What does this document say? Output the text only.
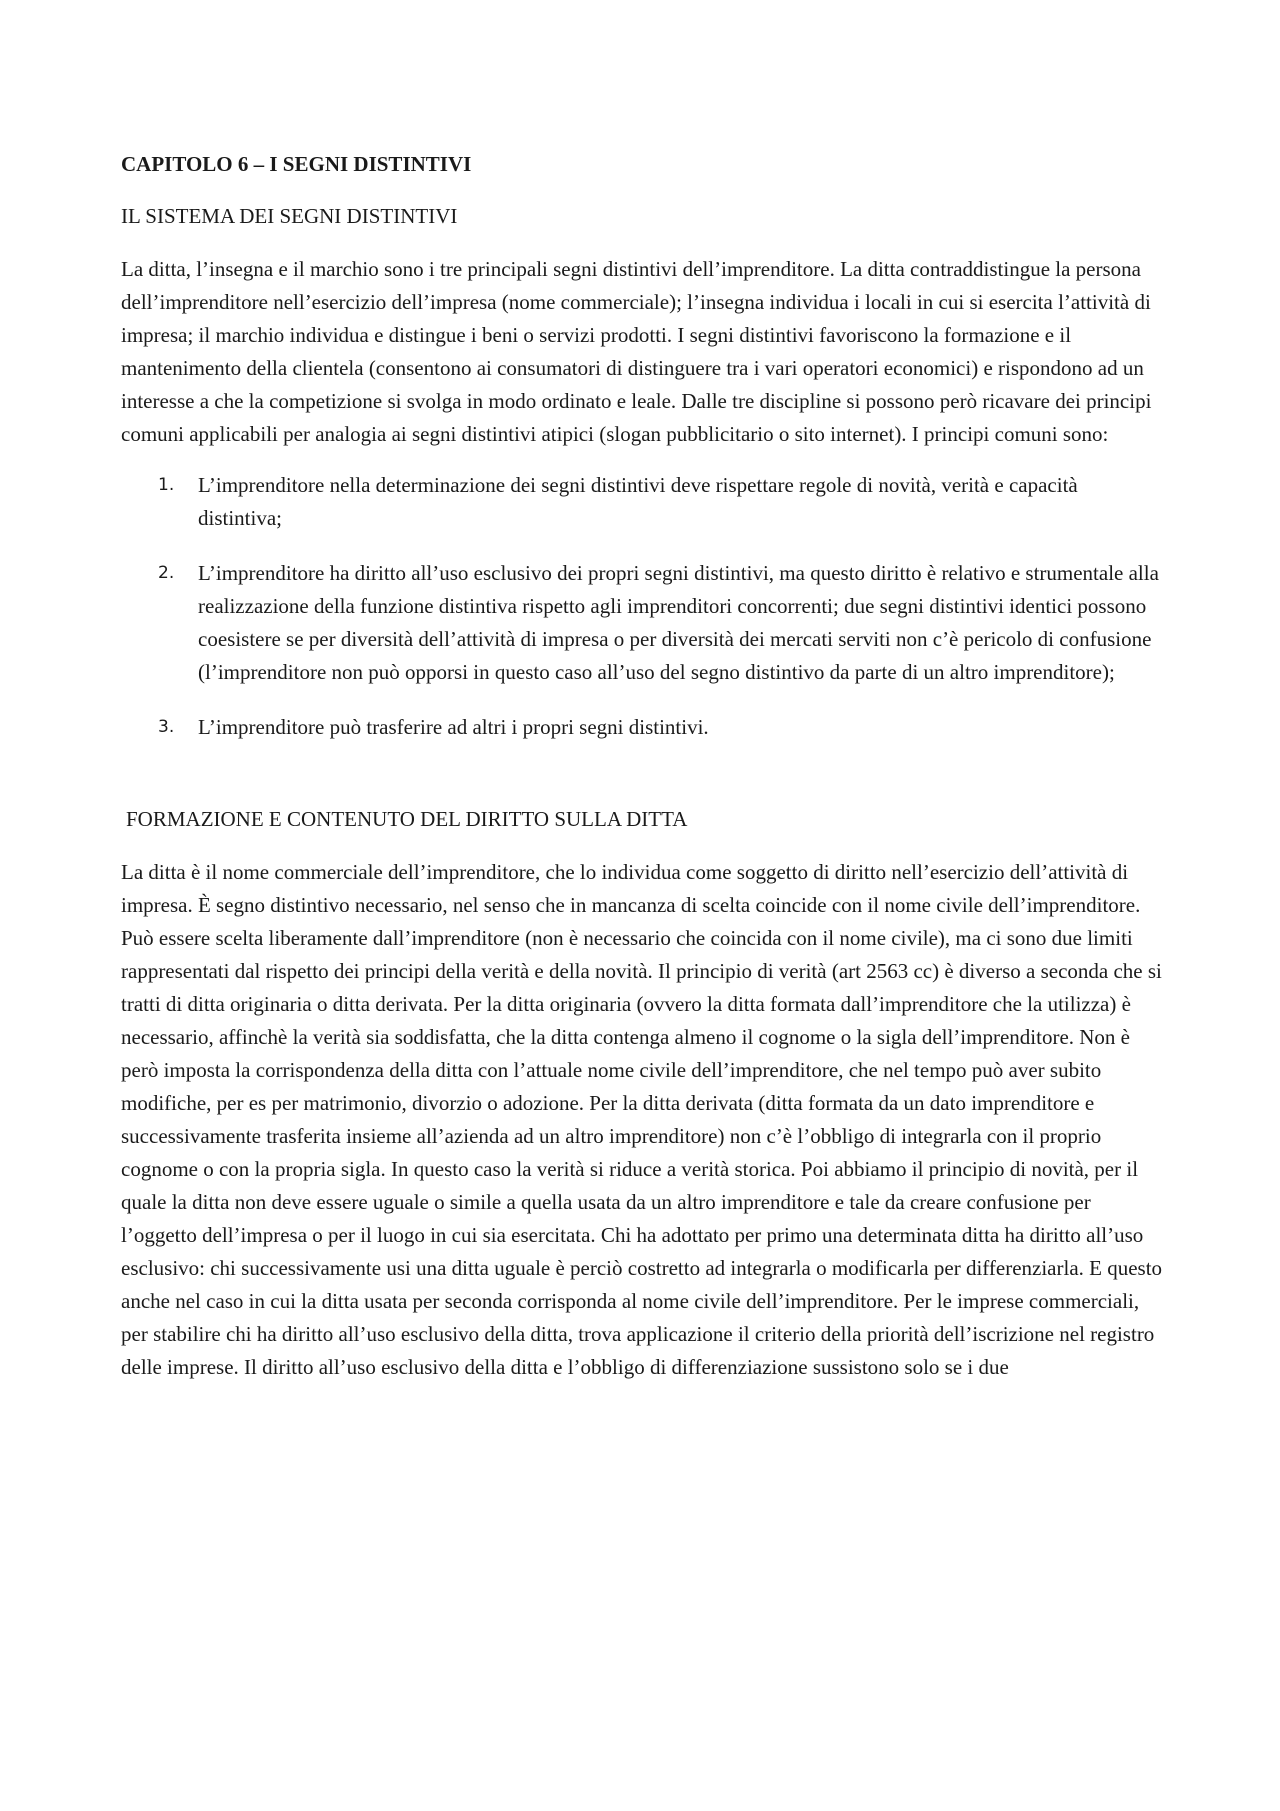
CAPITOLO 6 – I SEGNI DISTINTIVI
IL SISTEMA DEI SEGNI DISTINTIVI

La ditta, l’insegna e il marchio sono i tre principali segni distintivi dell’imprenditore. La ditta contraddistingue la persona dell’imprenditore nell’esercizio dell’impresa (nome commerciale); l’insegna individua i locali in cui si esercita l’attività di impresa; il marchio individua e distingue i beni o servizi prodotti. I segni distintivi favoriscono la formazione e il mantenimento della clientela (consentono ai consumatori di distinguere tra i vari operatori economici) e rispondono ad un interesse a che la competizione si svolga in modo ordinato e leale. Dalle tre discipline si possono però ricavare dei principi comuni applicabili per analogia ai segni distintivi atipici (slogan pubblicitario o sito internet). I principi comuni sono:

1. L’imprenditore nella determinazione dei segni distintivi deve rispettare regole di novità, verità e capacità distintiva;
2. L’imprenditore ha diritto all’uso esclusivo dei propri segni distintivi, ma questo diritto è relativo e strumentale alla realizzazione della funzione distintiva rispetto agli imprenditori concorrenti; due segni distintivi identici possono coesistere se per diversità dell’attività di impresa o per diversità dei mercati serviti non c’è pericolo di confusione (l’imprenditore non può opporsi in questo caso all’uso del segno distintivo da parte di un altro imprenditore);
3. L’imprenditore può trasferire ad altri i propri segni distintivi.
FORMAZIONE E CONTENUTO DEL DIRITTO SULLA DITTA

La ditta è il nome commerciale dell’imprenditore, che lo individua come soggetto di diritto nell’esercizio dell’attività di impresa. È segno distintivo necessario, nel senso che in mancanza di scelta coincide con il nome civile dell’imprenditore. Può essere scelta liberamente dall’imprenditore (non è necessario che coincida con il nome civile), ma ci sono due limiti rappresentati dal rispetto dei principi della verità e della novità. Il principio di verità (art 2563 cc) è diverso a seconda che si tratti di ditta originaria o ditta derivata. Per la ditta originaria (ovvero la ditta formata dall’imprenditore che la utilizza) è necessario, affinchè la verità sia soddisfatta, che la ditta contenga almeno il cognome o la sigla dell’imprenditore. Non è però imposta la corrispondenza della ditta con l’attuale nome civile dell’imprenditore, che nel tempo può aver subito modifiche, per es per matrimonio, divorzio o adozione. Per la ditta derivata (ditta formata da un dato imprenditore e successivamente trasferita insieme all’azienda ad un altro imprenditore) non c’è l’obbligo di integrarla con il proprio cognome o con la propria sigla. In questo caso la verità si riduce a verità storica. Poi abbiamo il principio di novità, per il quale la ditta non deve essere uguale o simile a quella usata da un altro imprenditore e tale da creare confusione per l’oggetto dell’impresa o per il luogo in cui sia esercitata. Chi ha adottato per primo una determinata ditta ha diritto all’uso esclusivo: chi successivamente usi una ditta uguale è perciò costretto ad integrarla o modificarla per differenziarla. E questo anche nel caso in cui la ditta usata per seconda corrisponda al nome civile dell’imprenditore. Per le imprese commerciali, per stabilire chi ha diritto all’uso esclusivo della ditta, trova applicazione il criterio della priorità dell’iscrizione nel registro delle imprese. Il diritto all’uso esclusivo della ditta e l’obbligo di differenziazione sussistono solo se i due
